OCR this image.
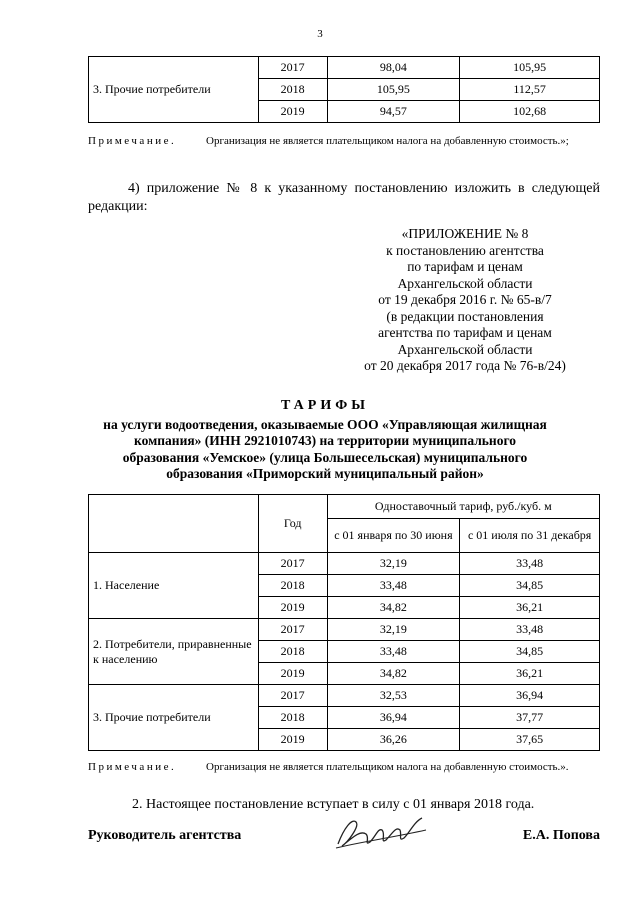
3
3. Прочие потребители	2017	98,04	105,95
	2018	105,95	112,57
	2019	94,57	102,68
Примечание.	Организация не является плательщиком налога на добавленную стоимость.»;
4) приложение № 8 к указанному постановлению изложить в следующей редакции:
«ПРИЛОЖЕНИЕ № 8
к постановлению агентства
по тарифам и ценам
Архангельской области
от 19 декабря 2016 г. № 65-в/7
(в редакции постановления
агентства по тарифам и ценам
Архангельской области
от 20 декабря 2017 года № 76-в/24)
ТАРИФЫ
на услуги водоотведения, оказываемые ООО «Управляющая жилищная
компания» (ИНН 2921010743) на территории муниципального
образования «Уемское» (улица Большесельская) муниципального
образования «Приморский муниципальный район»
	Год	Одноставочный тариф, руб./куб. м	
		с 01 января по 30 июня	с 01 июля по 31 декабря
1. Население	2017	32,19	33,48
	2018	33,48	34,85
	2019	34,82	36,21
2. Потребители, приравненные к населению	2017	32,19	33,48
	2018	33,48	34,85
	2019	34,82	36,21
3. Прочие потребители	2017	32,53	36,94
	2018	36,94	37,77
	2019	36,26	37,65
Примечание.	Организация не является плательщиком налога на добавленную стоимость.».
2. Настоящее постановление вступает в силу с 01 января 2018 года.
Руководитель агентства	Е.А. Попова
